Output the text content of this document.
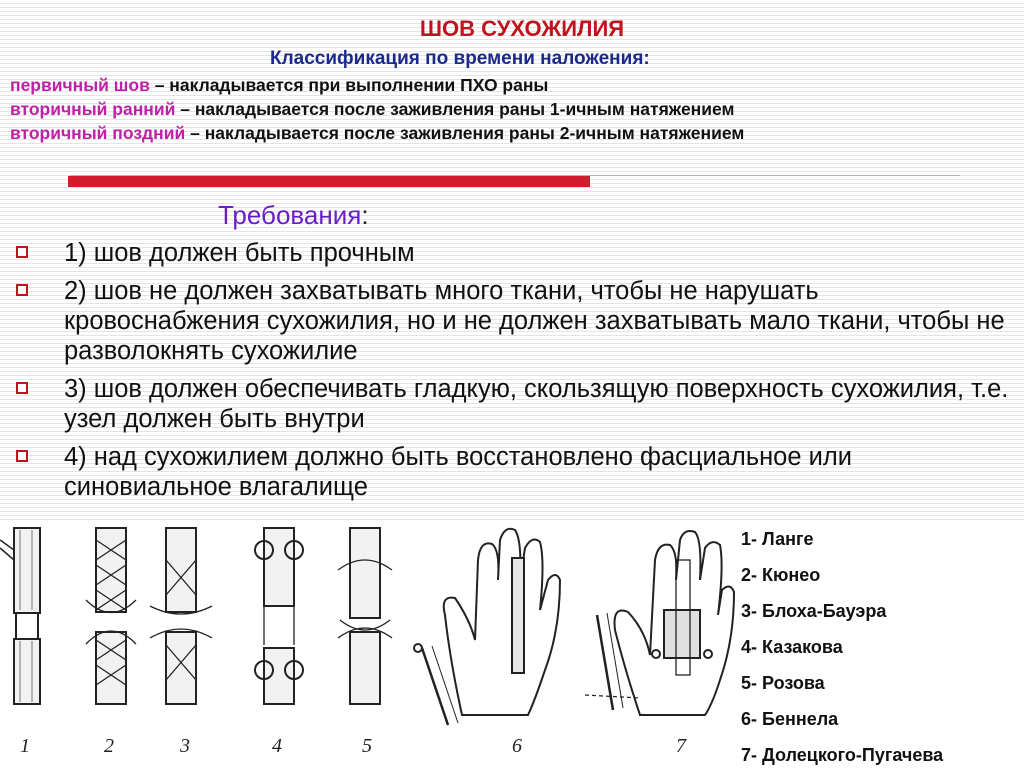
ШОВ СУХОЖИЛИЯ
Классификация по времени наложения:
первичный шов – накладывается при выполнении ПХО раны
вторичный ранний – накладывается после заживления раны 1-ичным натяжением
вторичный поздний – накладывается после заживления раны 2-ичным натяжением
Требования:
1) шов должен быть прочным
2) шов не должен захватывать много ткани, чтобы не нарушать кровоснабжения сухожилия, но и не должен захватывать мало ткани, чтобы не разволокнять сухожилие
3) шов должен обеспечивать гладкую, скользящую поверхность сухожилия, т.е. узел должен быть внутри
4) над сухожилием должно быть восстановлено фасциальное или синовиальное влагалище
1	2	3	4	5	6	7
1- Ланге
2- Кюнео
3- Блоха-Бауэра
4- Казакова
5- Розова
6- Беннела
7- Долецкого-Пугачева
